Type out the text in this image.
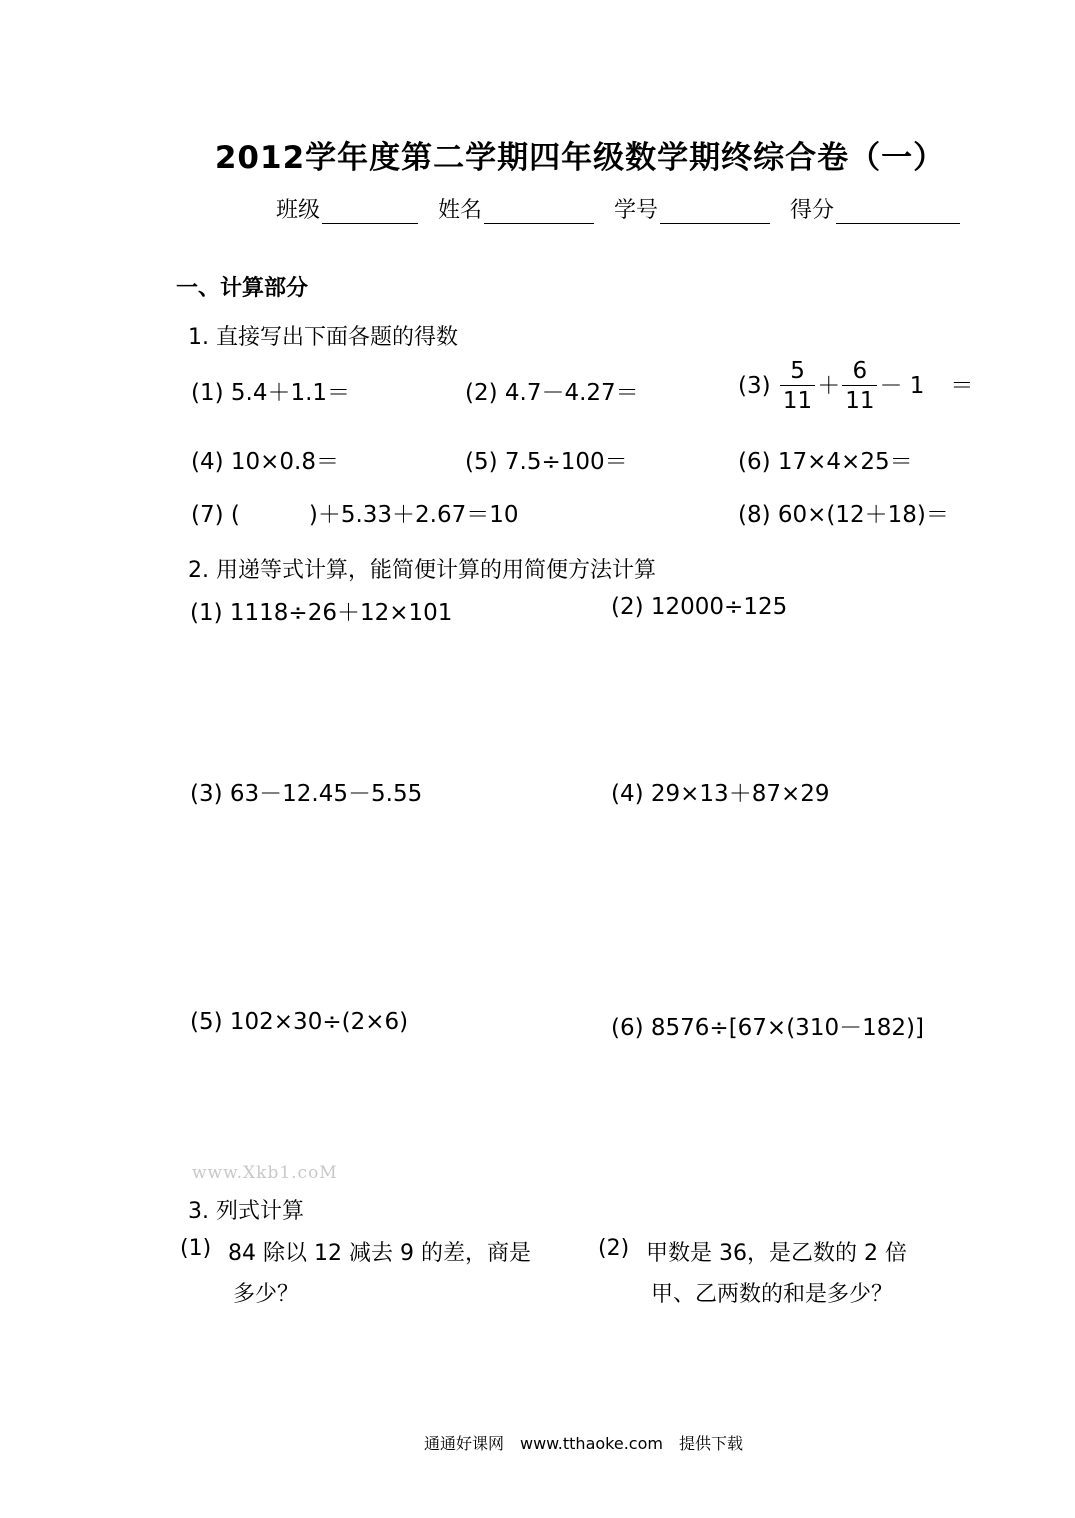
2012学年度第二学期四年级数学期终综合卷（一）
班级	姓名	学号	得分
一、计算部分
1. 直接写出下面各题的得数
(1) 5.4＋1.1＝	(2) 4.7－4.27＝	$(3) \frac{5}{11} + \frac{6}{11} - 1$ ＝
(4) 10×0.8＝	(5) 7.5÷100＝	(6) 17×4×25＝
(7) (　　　)＋5.33＋2.67＝10	(8) 60×(12＋18)＝
2. 用递等式计算，能简便计算的用简便方法计算
(1) 1118÷26＋12×101	(2) 12000÷125
(3) 63－12.45－5.55	(4) 29×13＋87×29
(5) 102×30÷(2×6)	(6) 8576÷[67×(310－182)]
www.Xkb1.coM
3. 列式计算
(1) 84 除以 12 减去 9 的差，商是
多少？
(2) 甲数是 36，是乙数的 2 倍
甲、乙两数的和是多少？
通通好课网　www.tthaoke.com　提供下载
